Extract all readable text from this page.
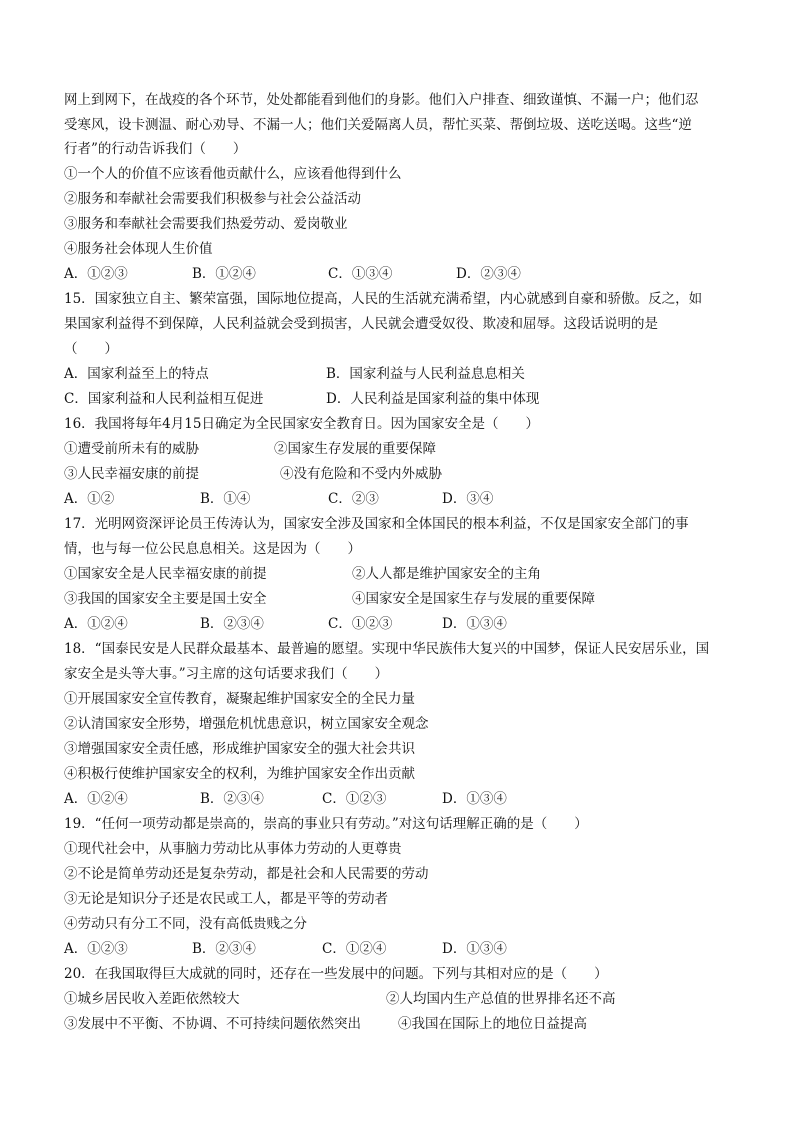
网上到网下，在战疫的各个环节，处处都能看到他们的身影。他们入户排查、细致谨慎、不漏一户；他们忍
受寒风，设卡测温、耐心劝导、不漏一人；他们关爱隔离人员，帮忙买菜、帮倒垃圾、送吃送喝。这些“逆
行者”的行动告诉我们（　　）
①一个人的价值不应该看他贡献什么，应该看他得到什么
②服务和奉献社会需要我们积极参与社会公益活动
③服务和奉献社会需要我们热爱劳动、爱岗敬业
④服务社会体现人生价值
A．①②③	B．①②④	C．①③④	D．②③④
15．国家独立自主、繁荣富强，国际地位提高，人民的生活就充满希望，内心就感到自豪和骄傲。反之，如
果国家利益得不到保障，人民利益就会受到损害，人民就会遭受奴役、欺凌和屈辱。这段话说明的是
（　　）
A．国家利益至上的特点	B．国家利益与人民利益息息相关
C．国家利益和人民利益相互促进	D．人民利益是国家利益的集中体现
16．我国将每年4月15日确定为全民国家安全教育日。因为国家安全是（　　）
①遭受前所未有的威胁	②国家生存发展的重要保障
③人民幸福安康的前提	④没有危险和不受内外威胁
A．①②	B．①④	C．②③	D．③④
17．光明网资深评论员王传涛认为，国家安全涉及国家和全体国民的根本利益，不仅是国家安全部门的事
情，也与每一位公民息息相关。这是因为（　　）
①国家安全是人民幸福安康的前提	②人人都是维护国家安全的主角
③我国的国家安全主要是国土安全	④国家安全是国家生存与发展的重要保障
A．①②④	B．②③④	C．①②③	D．①③④
18．“国泰民安是人民群众最基本、最普遍的愿望。实现中华民族伟大复兴的中国梦，保证人民安居乐业，国
家安全是头等大事。”习主席的这句话要求我们（　　）
①开展国家安全宣传教育，凝聚起维护国家安全的全民力量
②认清国家安全形势，增强危机忧患意识，树立国家安全观念
③增强国家安全责任感，形成维护国家安全的强大社会共识
④积极行使维护国家安全的权利，为维护国家安全作出贡献
A．①②④	B．②③④	C．①②③	D．①③④
19．“任何一项劳动都是崇高的，崇高的事业只有劳动。”对这句话理解正确的是（　　）
①现代社会中，从事脑力劳动比从事体力劳动的人更尊贵
②不论是简单劳动还是复杂劳动，都是社会和人民需要的劳动
③无论是知识分子还是农民或工人，都是平等的劳动者
④劳动只有分工不同，没有高低贵贱之分
A．①②③	B．②③④	C．①②④	D．①③④
20．在我国取得巨大成就的同时，还存在一些发展中的问题。下列与其相对应的是（　　）
①城乡居民收入差距依然较大	②人均国内生产总值的世界排名还不高
③发展中不平衡、不协调、不可持续问题依然突出	④我国在国际上的地位日益提高
